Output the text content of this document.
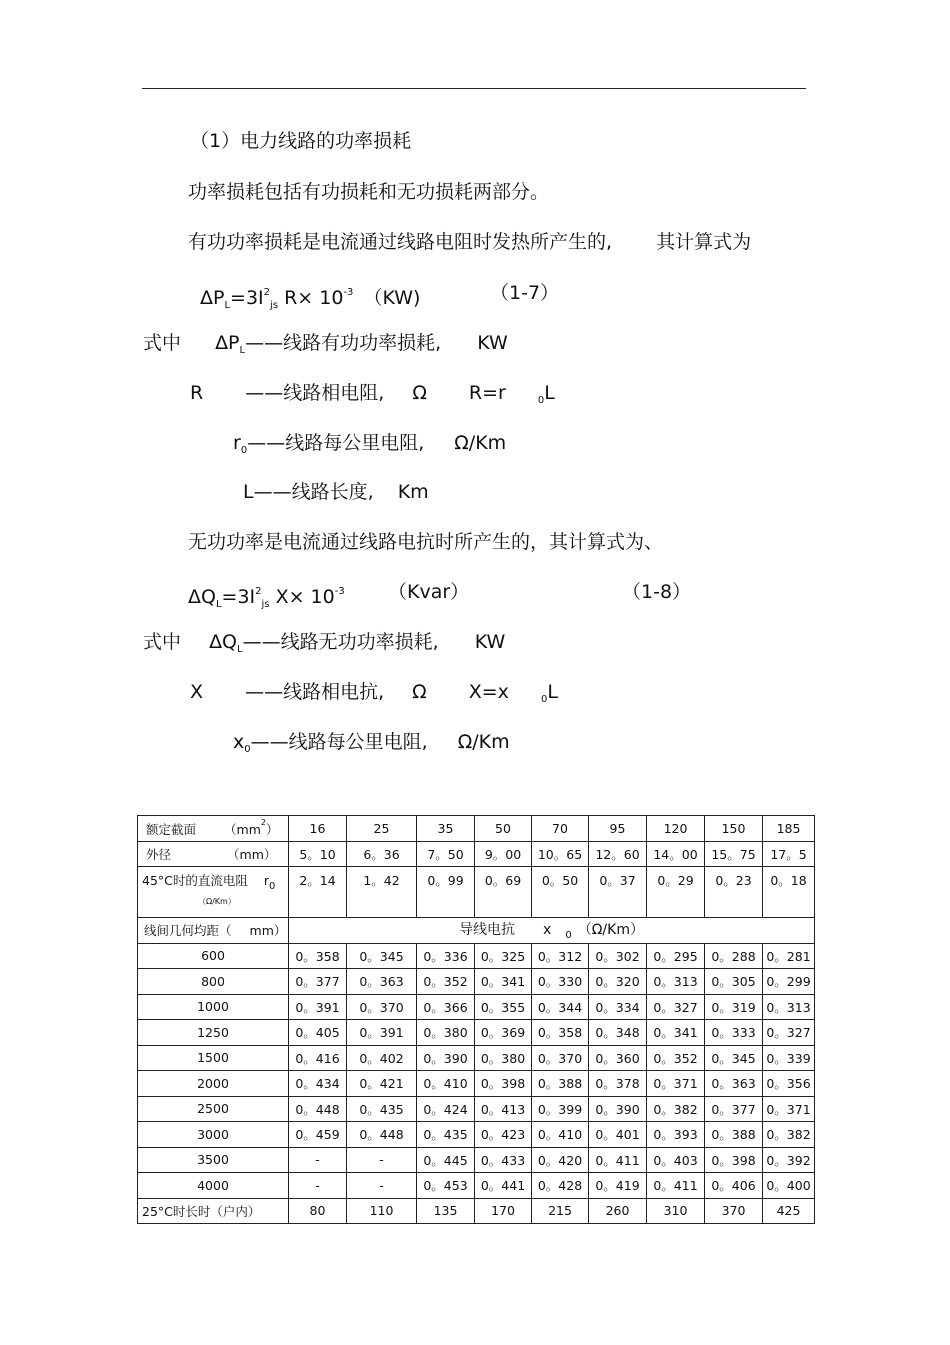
（1）电力线路的功率损耗
功率损耗包括有功损耗和无功损耗两部分。
有功功率损耗是电流通过线路电阻时发热所产生的, 其计算式为
$\Delta P_L=3I^2_{js}$ $R\times 10^{-3}$ （KW)	（1-7）
式中 $\Delta P_L——$线路有功功率损耗, KW
R ——线路相电阻, Ω R=r	$_0$L
$r_0——$线路每公里电阻, Ω/Km
L——线路长度, Km
无功功率是电流通过线路电抗时所产生的，其计算式为、
$\Delta Q_L=3I^2_{js}$ $X\times 10^{-3}$ （Kvar）	（1-8）
式中 $\Delta Q_L——$线路无功功率损耗, KW
X ——线路相电抗, Ω X=x	$_0$L
$x_0——$线路每公里电阻, Ω/Km
额定截面 $(mm^2)$	16	25	35	50	70	95	120	150	185
外径 （mm）	5。10	6。36	7。50	9。00	10。65	12。60	14。00	15。75	17。5
45°C时的直流电阻 $r_0$
（Ω/Km）	2。14	1。42	0。99	0。69	0。50	0。37	0。29	0。23	0。18
线间几何均距（ mm）	导线电抗 x $_0$ （Ω/Km）								
600	0。358	0。345	0。336	0。325	0。312	0。302	0。295	0。288	0。281
800	0。377	0。363	0。352	0。341	0。330	0。320	0。313	0。305	0。299
1000	0。391	0。370	0。366	0。355	0。344	0。334	0。327	0。319	0。313
1250	0。405	0。391	0。380	0。369	0。358	0。348	0。341	0。333	0。327
1500	0。416	0。402	0。390	0。380	0。370	0。360	0。352	0。345	0。339
2000	0。434	0。421	0。410	0。398	0。388	0。378	0。371	0。363	0。356
2500	0。448	0。435	0。424	0。413	0。399	0。390	0。382	0。377	0。371
3000	0。459	0。448	0。435	0。423	0。410	0。401	0。393	0。388	0。382
3500	-	-	0。445	0。433	0。420	0。411	0。403	0。398	0。392
4000	-	-	0。453	0。441	0。428	0。419	0。411	0。406	0。400
25°C时长时（户内）	80	110	135	170	215	260	310	370	425
